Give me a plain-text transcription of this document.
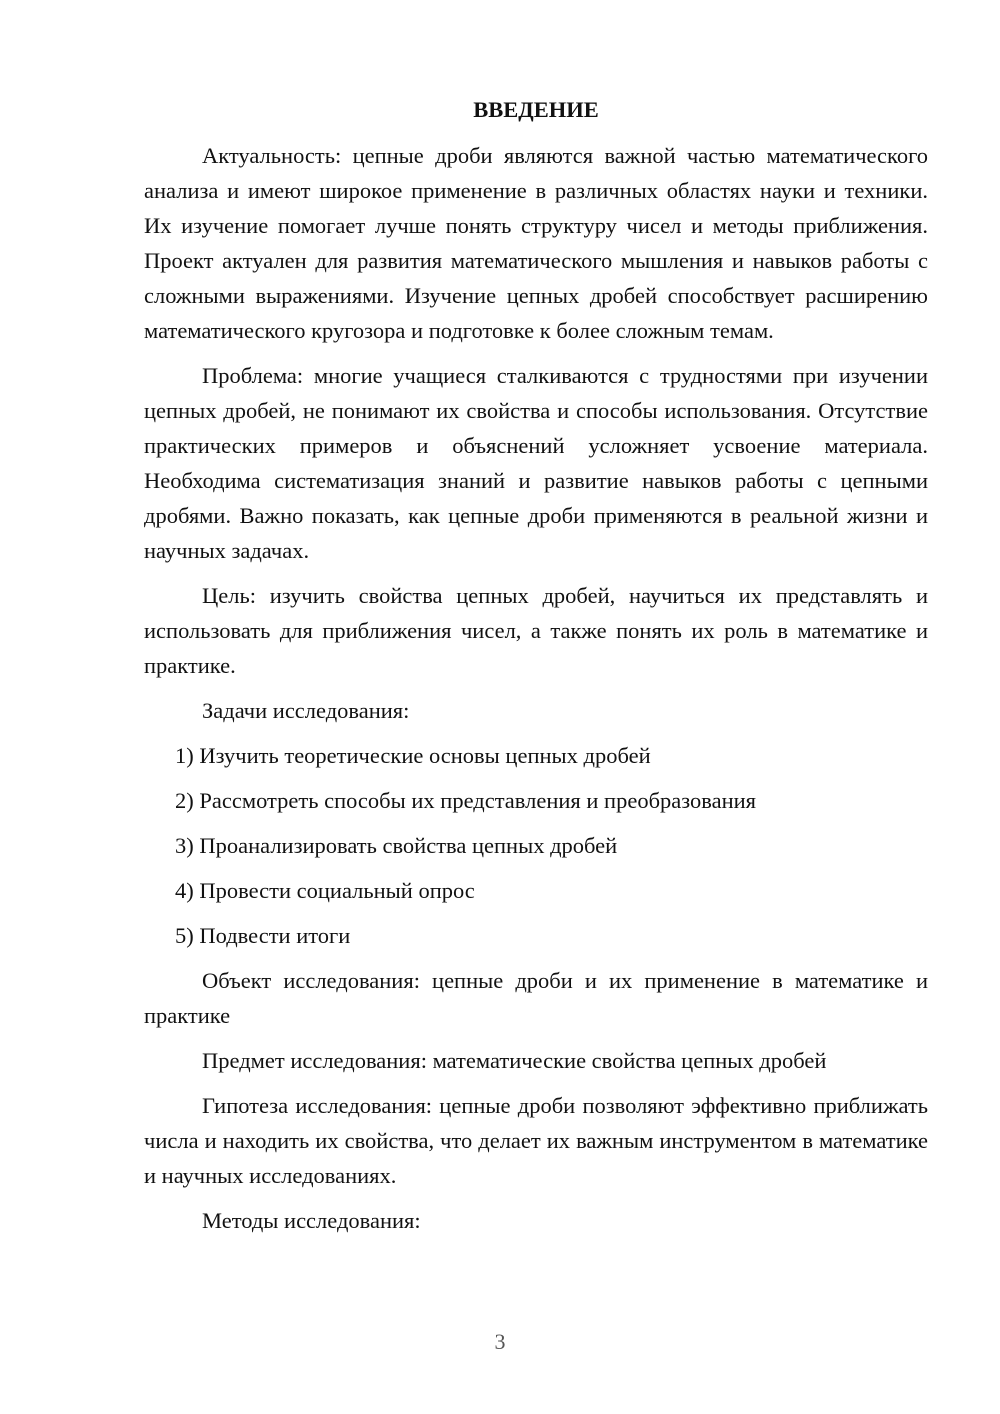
ВВЕДЕНИЕ

Актуальность: цепные дроби являются важной частью математического анализа и имеют широкое применение в различных областях науки и техники. Их изучение помогает лучше понять структуру чисел и методы приближения. Проект актуален для развития математического мышления и навыков работы с сложными выражениями. Изучение цепных дробей способствует расширению математического кругозора и подготовке к более сложным темам.

Проблема: многие учащиеся сталкиваются с трудностями при изучении цепных дробей, не понимают их свойства и способы использования. Отсутствие практических примеров и объяснений усложняет усвоение материала. Необходима систематизация знаний и развитие навыков работы с цепными дробями. Важно показать, как цепные дроби применяются в реальной жизни и научных задачах.

Цель: изучить свойства цепных дробей, научиться их представлять и использовать для приближения чисел, а также понять их роль в математике и практике.

Задачи исследования:

1) Изучить теоретические основы цепных дробей
2) Рассмотреть способы их представления и преобразования
3) Проанализировать свойства цепных дробей
4) Провести социальный опрос
5) Подвести итоги

Объект исследования: цепные дроби и их применение в математике и практике

Предмет исследования: математические свойства цепных дробей

Гипотеза исследования: цепные дроби позволяют эффективно приближать числа и находить их свойства, что делает их важным инструментом в математике и научных исследованиях.

Методы исследования:

3
